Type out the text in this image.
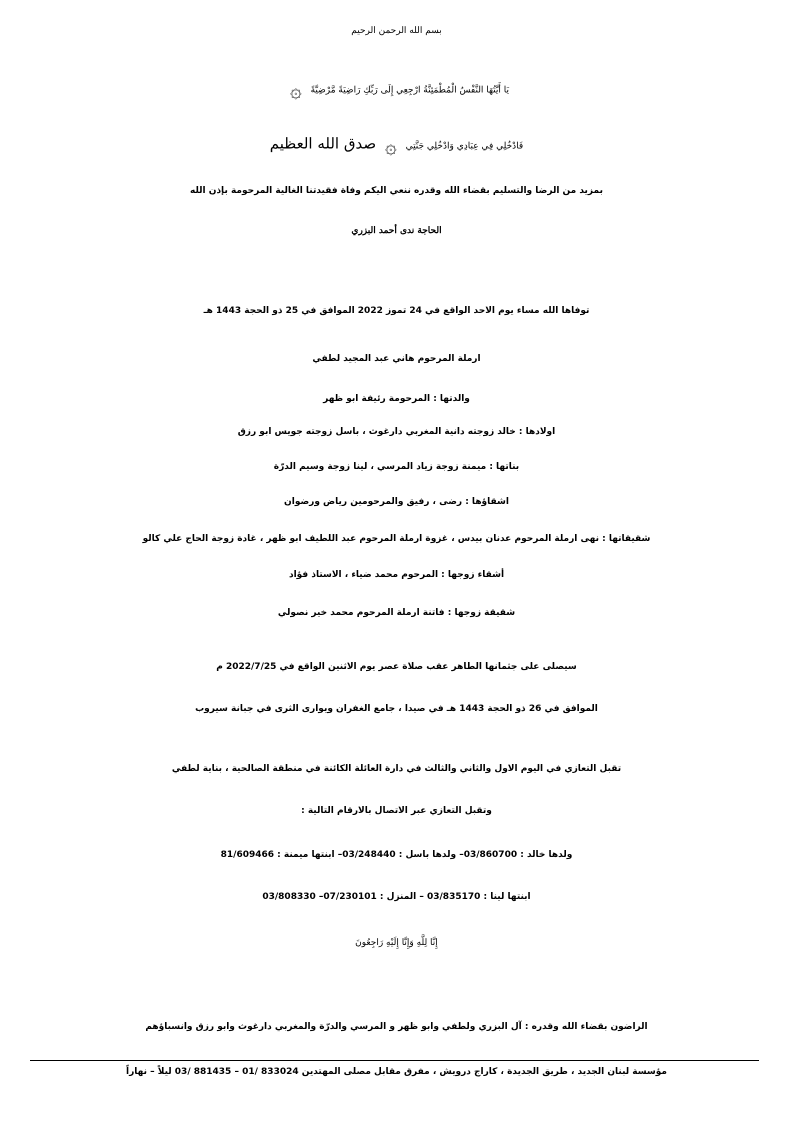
بسم الله الرحمن الرحيم
يَا أَيَّتُهَا النَّفْسُ الْمُطْمَئِنَّةُ ارْجِعِي إِلَى رَبِّكِ رَاضِيَةً مَّرْضِيَّةً ۞
فَادْخُلِي فِي عِبَادِي وَادْخُلِي جَنَّتِي ۞ صدق الله العظيم
بمزيد من الرضا والتسليم بقضاء الله وقدره ننعي اليكم وفاة فقيدتنا الغالية المرحومة بإذن الله
الحاجة ندى أحمد البزري
توفاها الله مساء يوم الاحد الواقع في 24 تموز 2022 الموافق في 25 ذو الحجة 1443 هـ
ارملة المرحوم هاني عبد المجيد لطفي
والدتها : المرحومة رئيفة ابو ظهر
اولادها : خالد زوجته دانية المغربي دارغوث ، باسل زوجته جويس ابو رزق
بناتها : ميمنة زوجة زياد المرسي ، لينا زوجة وسيم الدرّة
اشقاؤها : رضى ، رفيق والمرحومين رياض ورضوان
شقيقاتها : نهى ارملة المرحوم عدنان بيدس ، غزوة ارملة المرحوم عبد اللطيف ابو ظهر ، غادة زوجة الحاج علي كالو
أشقاء زوجها : المرحوم محمد ضياء ، الاستاذ فؤاد
شقيقة زوجها : فاتنة ارملة المرحوم محمد خير نصولي
سيصلى على جثمانها الطاهر عقب صلاة عصر يوم الاثنين الواقع في 2022/7/25 م
الموافق في 26 ذو الحجة 1443 هـ في صيدا ، جامع الغفران ويوارى الثرى في جبانة سيروب
تقبل التعازي في اليوم الاول والثاني والثالث في دارة العائلة الكائنة في منطقة الصالحية ، بناية لطفي
وتقبل التعازي عبر الاتصال بالارقام التالية :
ولدها خالد : 03/860700– ولدها باسل : 03/248440– ابنتها ميمنة : 81/609466
ابنتها لينا : 03/835170 – المنزل : 07/230101– 03/808330
إِنَّا لِلَّهِ وَإِنَّا إِلَيْهِ رَاجِعُونَ
الراضون بقضاء الله وقدره : آل البزري ولطفي وابو ظهر و المرسي والدرّة والمغربي دارغوث وابو رزق وانسباؤهم
مؤسسة لبنان الجديد ، طريق الجديدة ، كاراج درويش ، مفرق مقابل مصلى المهتدين 833024 /01 – 881435 /03 ليلاً – نهاراً
